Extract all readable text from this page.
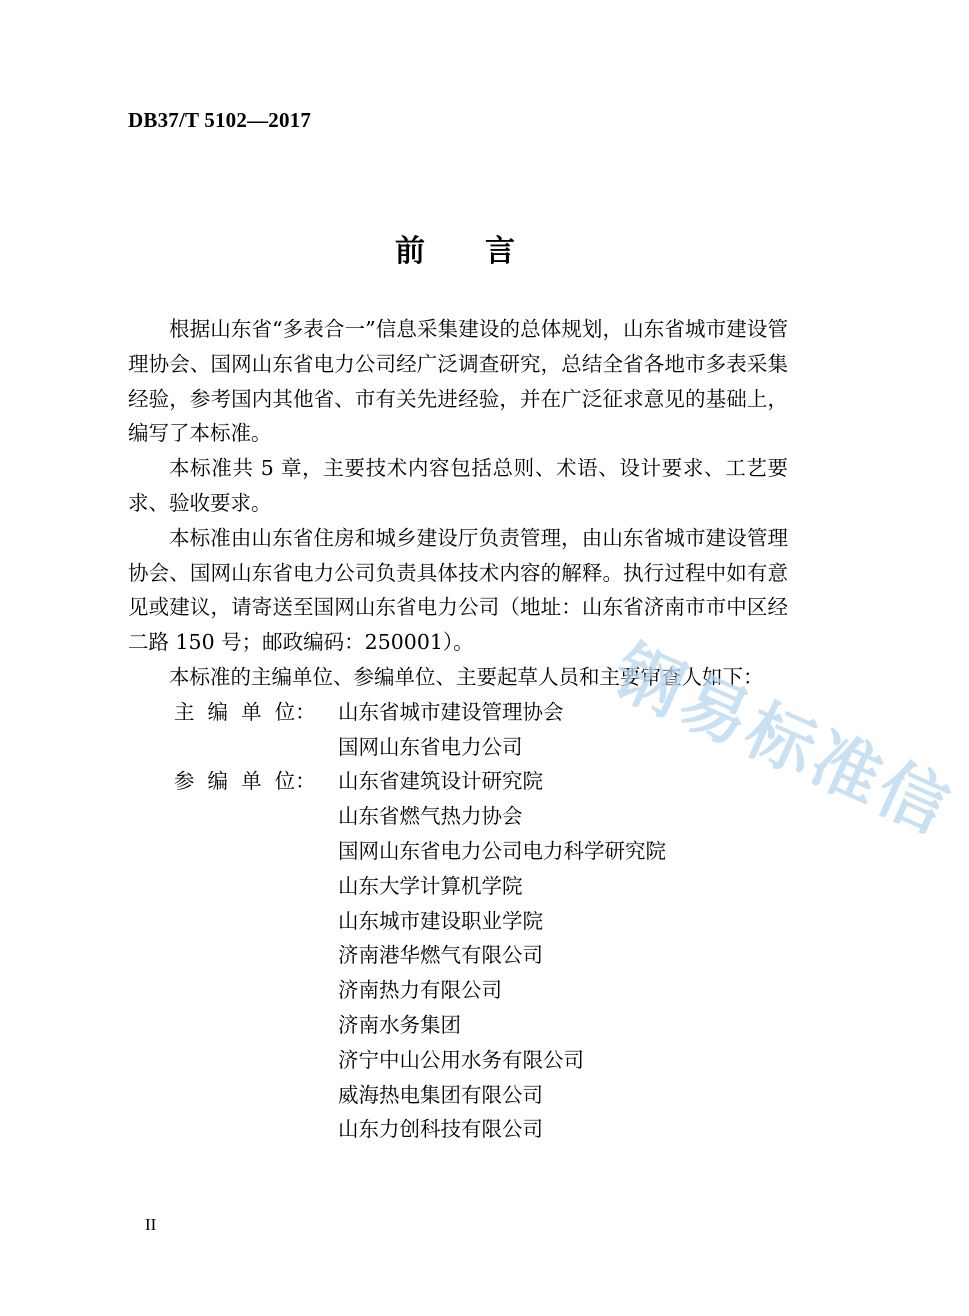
DB37/T 5102—2017
前言

根据山东省“多表合一”信息采集建设的总体规划，山东省城市建设管理协会、国网山东省电力公司经广泛调查研究，总结全省各地市多表采集经验，参考国内其他省、市有关先进经验，并在广泛征求意见的基础上，编写了本标准。

本标准共 5 章，主要技术内容包括总则、术语、设计要求、工艺要求、验收要求。

本标准由山东省住房和城乡建设厅负责管理，由山东省城市建设管理协会、国网山东省电力公司负责具体技术内容的解释。执行过程中如有意见或建议，请寄送至国网山东省电力公司（地址：山东省济南市市中区经二路 150 号；邮政编码：250001）。

本标准的主编单位、参编单位、主要起草人员和主要审查人如下：

主  编  单  位：	山东省城市建设管理协会
国网山东省电力公司
参  编  单  位：	山东省建筑设计研究院
山东省燃气热力协会
国网山东省电力公司电力科学研究院
山东大学计算机学院
山东城市建设职业学院
济南港华燃气有限公司
济南热力有限公司
济南水务集团
济宁中山公用水务有限公司
威海热电集团有限公司
山东力创科技有限公司
II
钢易标准信
